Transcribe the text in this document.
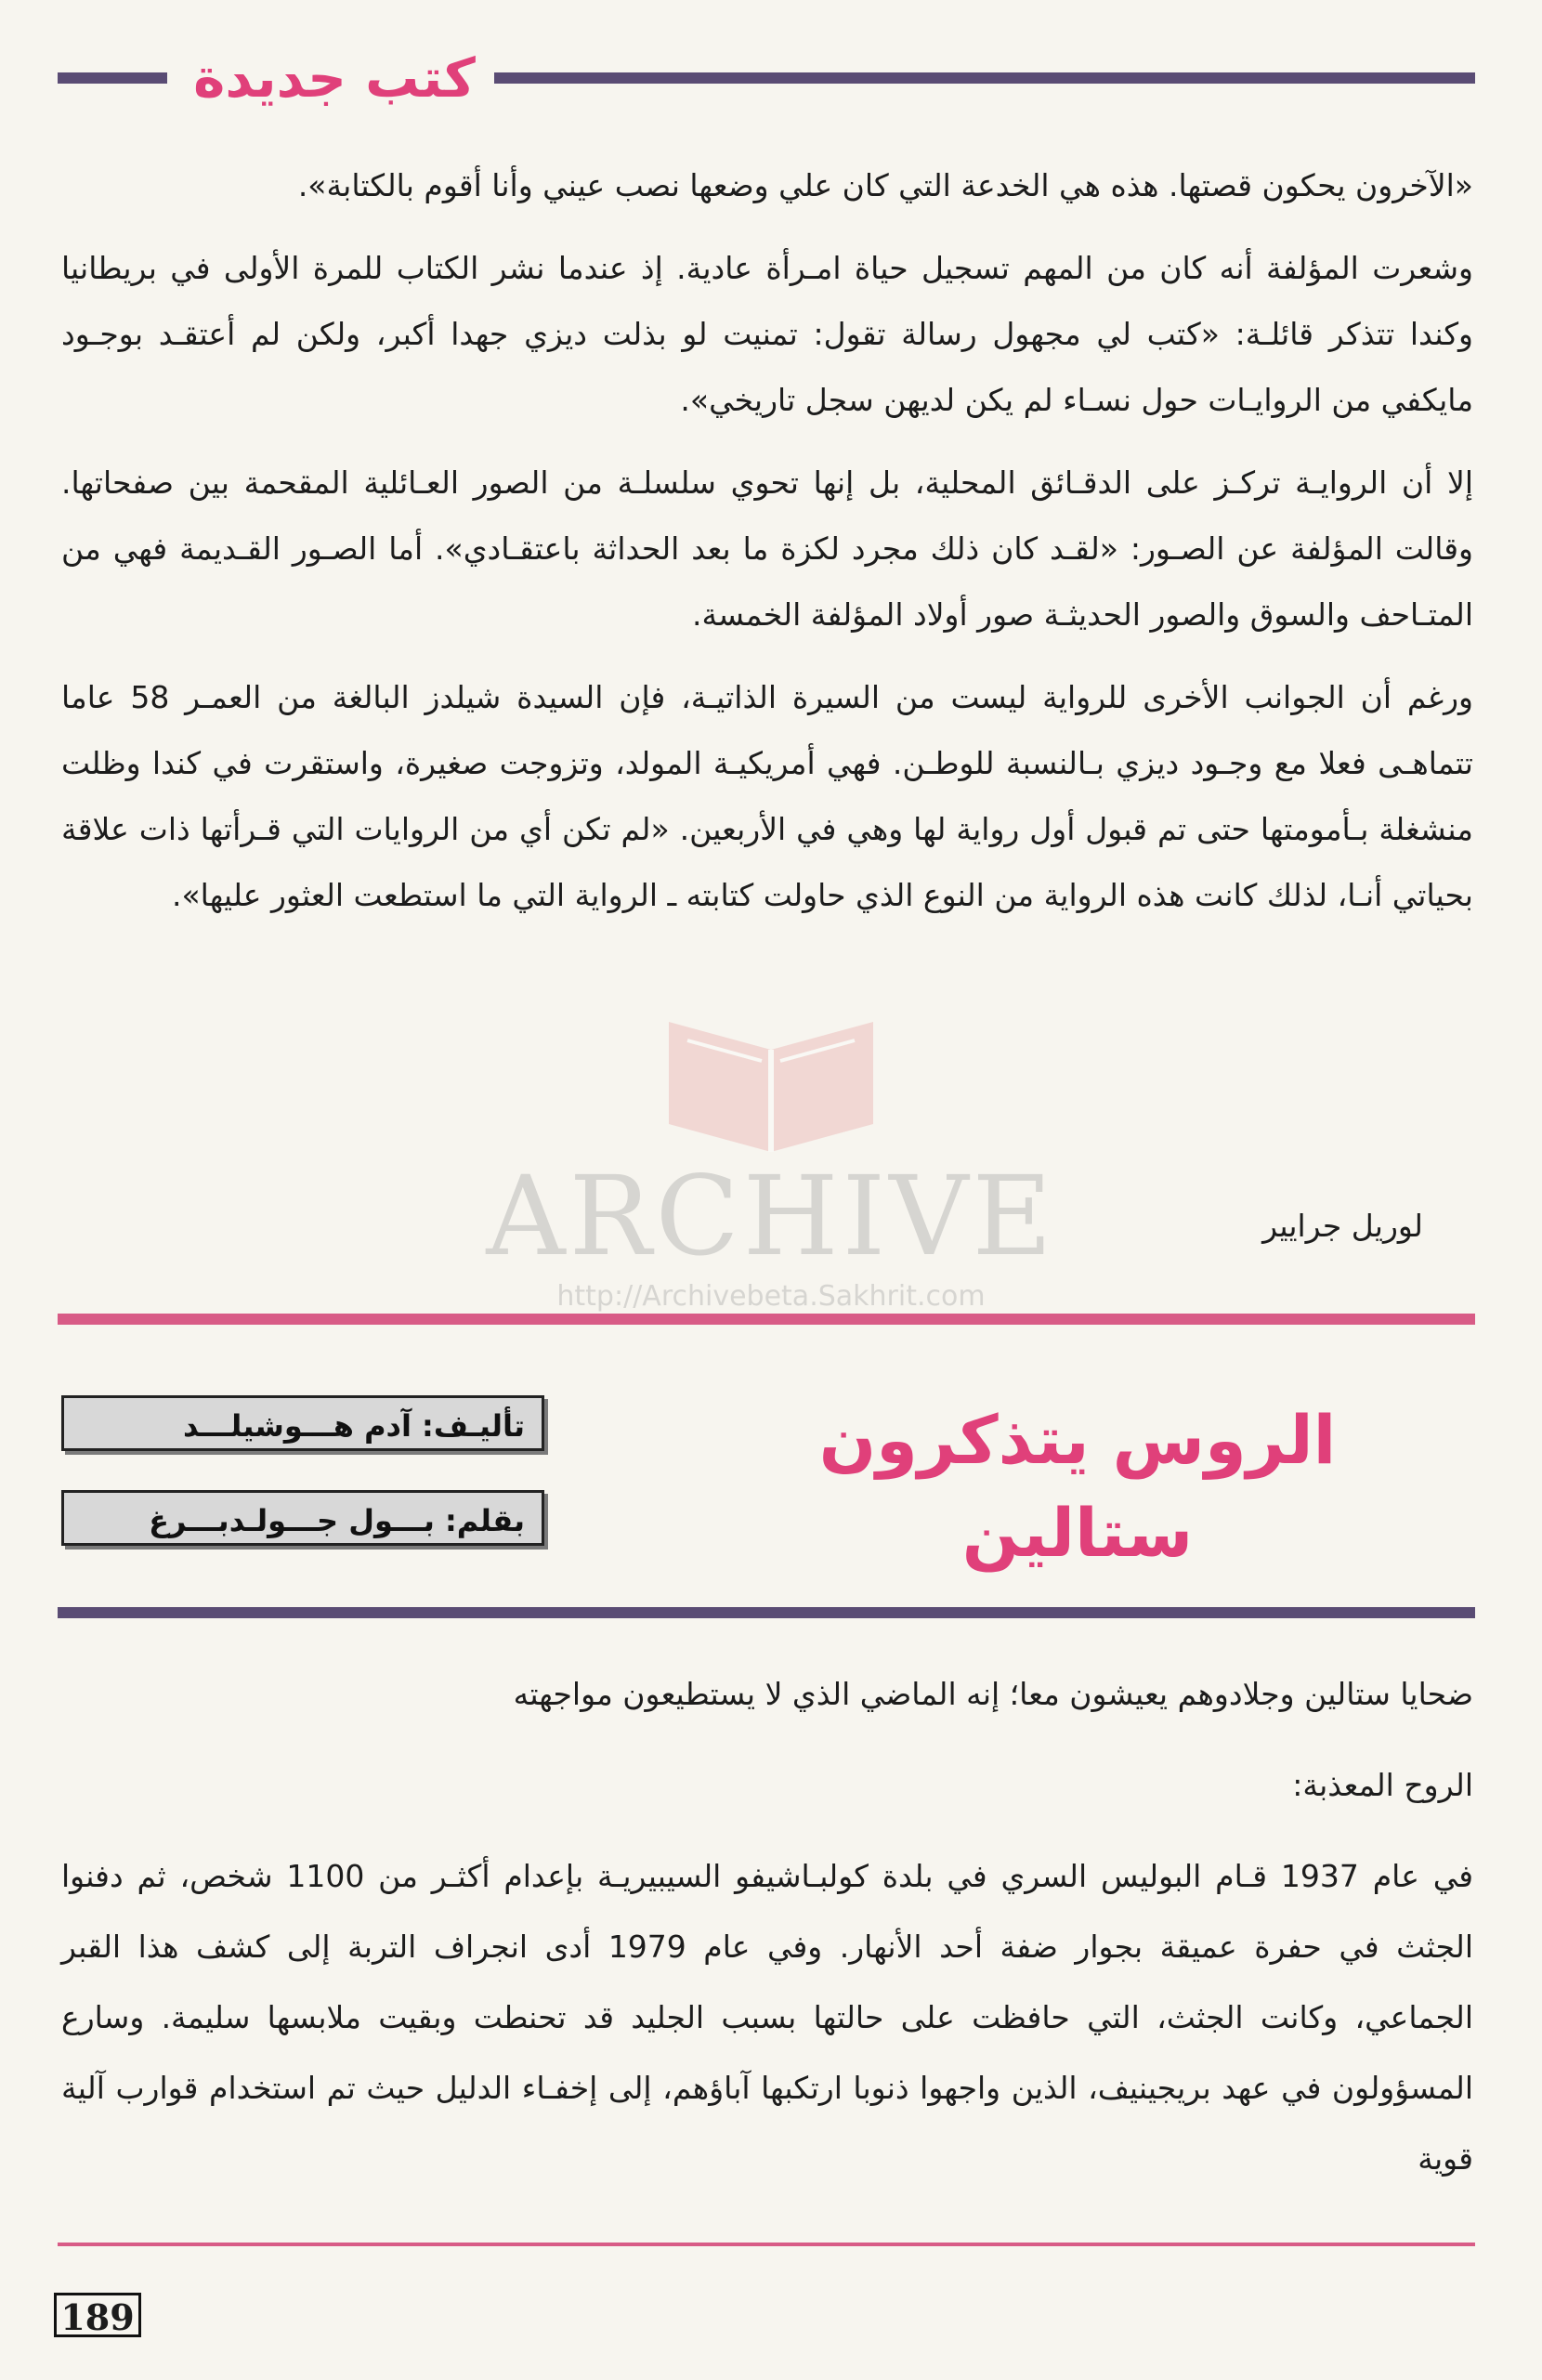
كتب جديدة

«الآخرون يحكون قصتها. هذه هي الخدعة التي كان علي وضعها نصب عيني وأنا أقوم بالكتابة».

وشعرت المؤلفة أنه كان من المهم تسجيل حياة امـرأة عادية. إذ عندما نشر الكتاب للمرة الأولى في بريطانيا وكندا تتذكر قائلـة: «كتب لي مجهول رسالة تقول: تمنيت لو بذلت ديزي جهدا أكبر، ولكن لم أعتقـد بوجـود مايكفي من الروايـات حول نسـاء لم يكن لديهن سجل تاريخي».

إلا أن الروايـة تركـز على الدقـائق المحلية، بل إنها تحوي سلسلـة من الصور العـائلية المقحمة بين صفحاتها. وقالت المؤلفة عن الصـور: «لقـد كان ذلك مجرد لكزة ما بعد الحداثة باعتقـادي». أما الصـور القـديمة فهي من المتـاحف والسوق والصور الحديثـة صور أولاد المؤلفة الخمسة.

ورغم أن الجوانب الأخرى للرواية ليست من السيرة الذاتيـة، فإن السيدة شيلدز البالغة من العمـر 58 عاما تتماهـى فعلا مع وجـود ديزي بـالنسبة للوطـن. فهي أمريكيـة المولد، وتزوجت صغيرة، واستقرت في كندا وظلت منشغلة بـأمومتها حتى تم قبول أول رواية لها وهي في الأربعين. «لم تكن أي من الروايات التي قـرأتها ذات علاقة بحياتي أنـا، لذلك كانت هذه الرواية من النوع الذي حاولت كتابته ـ الرواية التي ما استطعت العثور عليها».

لوريل جرايير
ARCHIVE
http://Archivebeta.Sakhrit.com
تأليـف: آدم هـــوشيلـــد
بقلم: بـــول جـــولـدبـــرغ
الروس يتذكرون
ستالين

ضحايا ستالين وجلادوهم يعيشون معا؛ إنه الماضي الذي لا يستطيعون مواجهته

الروح المعذبة:

في عام 1937 قـام البوليس السري في بلدة كولبـاشيفو السيبيريـة بإعدام أكثـر من 1100 شخص، ثم دفنوا الجثث في حفرة عميقة بجوار ضفة أحد الأنهار. وفي عام 1979 أدى انجراف التربة إلى كشف هذا القبر الجماعي، وكانت الجثث، التي حافظت على حالتها بسبب الجليد قد تحنطت وبقيت ملابسها سليمة. وسارع المسؤولون في عهد بريجينيف، الذين واجهوا ذنوبا ارتكبها آباؤهم، إلى إخفـاء الدليل حيث تم استخدام قوارب آلية قوية

189
